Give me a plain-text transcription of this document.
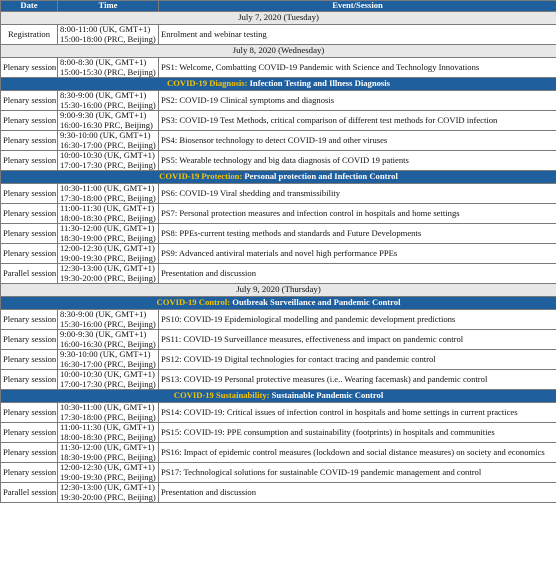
Date	Time	Event/Session
July 7, 2020 (Tuesday)		
Registration	8:00-11:00 (UK, GMT+1)
15:00-18:00 (PRC, Beijing)	Enrolment and webinar testing
July 8, 2020 (Wednesday)		
Plenary session	8:00-8:30 (UK, GMT+1)
15:00-15:30 (PRC, Beijing)	PS1: Welcome, Combatting COVID-19 Pandemic with Science and Technology Innovations
COVID-19 Diagnosis: Infection Testing and Illness Diagnosis		
Plenary session	8:30-9:00 (UK, GMT+1)
15:30-16:00 (PRC, Beijing)	PS2: COVID-19 Clinical symptoms and diagnosis
Plenary session	9:00-9:30 (UK, GMT+1)
16:00-16:30 PRC, Beijing)	PS3: COVID-19 Test Methods, critical comparison of different test methods for COVID infection
Plenary session	9:30-10:00 (UK, GMT+1)
16:30-17:00 (PRC, Beijing)	PS4: Biosensor technology to detect COVID-19 and other viruses
Plenary session	10:00-10:30 (UK, GMT+1)
17:00-17:30 (PRC, Beijing)	PS5: Wearable technology and big data diagnosis of COVID 19 patients
COVID-19 Protection: Personal protection and Infection Control		
Plenary session	10:30-11:00 (UK, GMT+1)
17:30-18:00 (PRC, Beijing)	PS6: COVID-19 Viral shedding and transmissibility
Plenary session	11:00-11:30 (UK, GMT+1)
18:00-18:30 (PRC, Beijing)	PS7: Personal protection measures and infection control in hospitals and home settings
Plenary session	11:30-12:00 (UK, GMT+1)
18:30-19:00 (PRC, Beijing)	PS8: PPEs-current testing methods and standards and Future Developments
Plenary session	12:00-12:30 (UK, GMT+1)
19:00-19:30 (PRC, Beijing)	PS9: Advanced antiviral materials and novel high performance PPEs
Parallel session	12:30-13:00 (UK, GMT+1)
19:30-20:00 (PRC, Beijing)	Presentation and discussion
July 9, 2020 (Thursday)		
COVID-19 Control: Outbreak Surveillance and Pandemic Control		
Plenary session	8:30-9:00 (UK, GMT+1)
15:30-16:00 (PRC, Beijing)	PS10: COVID-19 Epidemiological modelling and pandemic development predictions
Plenary session	9:00-9:30 (UK, GMT+1)
16:00-16:30 (PRC, Beijing)	PS11: COVID-19 Surveillance measures, effectiveness and impact on pandemic control
Plenary session	9:30-10:00 (UK, GMT+1)
16:30-17:00 (PRC, Beijing)	PS12: COVID-19 Digital technologies for contact tracing and pandemic control
Plenary session	10:00-10:30 (UK, GMT+1)
17:00-17:30 (PRC, Beijing)	PS13: COVID-19 Personal protective measures (i.e.. Wearing facemask) and pandemic control
COVID-19 Sustainability: Sustainable Pandemic Control		
Plenary session	10:30-11:00 (UK, GMT+1)
17:30-18:00 (PRC, Beijing)	PS14: COVID-19: Critical issues of infection control in hospitals and home settings in current practices
Plenary session	11:00-11:30 (UK, GMT+1)
18:00-18:30 (PRC, Beijing)	PS15: COVID-19: PPE consumption and sustainability (footprints) in hospitals and communities
Plenary session	11:30-12:00 (UK, GMT+1)
18:30-19:00 (PRC, Beijing)	PS16: Impact of epidemic control measures (lockdown and social distance measures) on society and economics
Plenary session	12:00-12:30 (UK, GMT+1)
19:00-19:30 (PRC, Beijing)	PS17: Technological solutions for sustainable COVID-19 pandemic management and control
Parallel session	12:30-13:00 (UK, GMT+1)
19:30-20:00 (PRC, Beijing)	Presentation and discussion
